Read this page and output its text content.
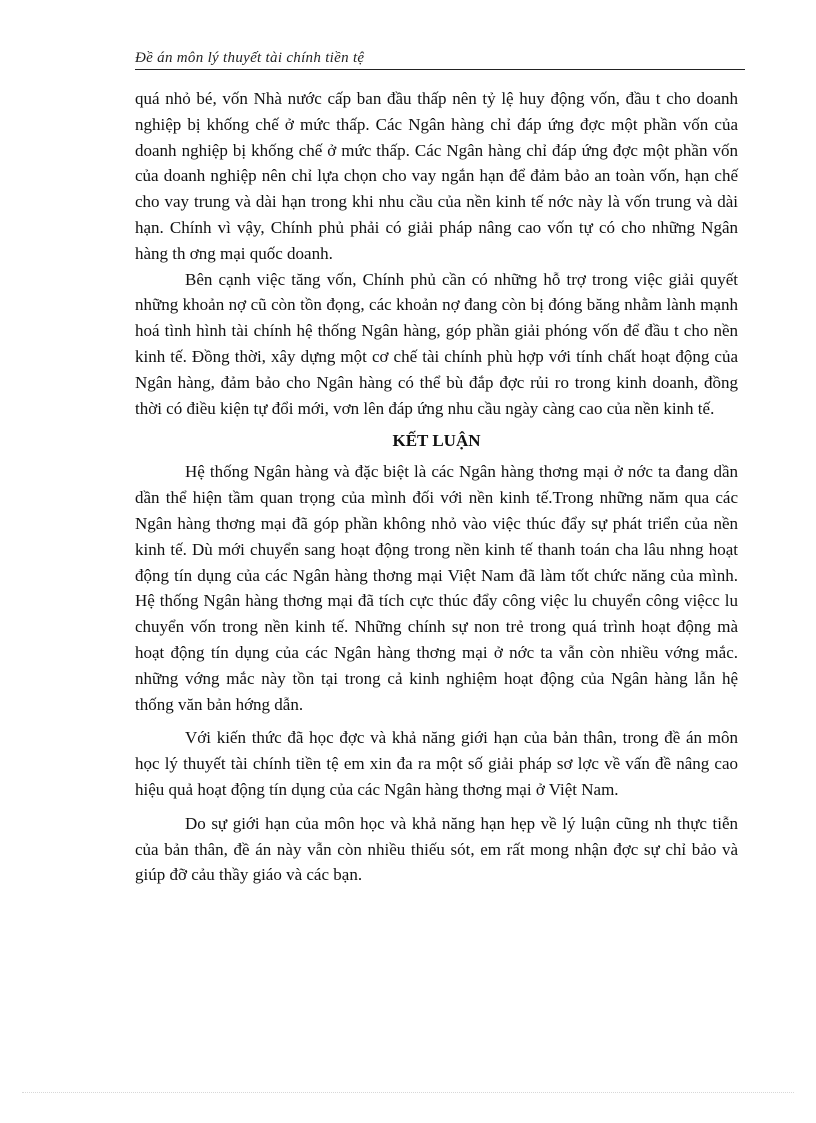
Đề án môn lý thuyết tài chính tiền tệ

quá nhỏ bé, vốn Nhà nước cấp ban đầu thấp nên tỷ lệ huy động vốn, đầu t cho doanh nghiệp bị khống chế ở mức thấp. Các Ngân hàng chỉ đáp ứng đợc một phần vốn của doanh nghiệp bị khống chế ở mức thấp. Các Ngân hàng chỉ đáp ứng đợc một phần vốn của doanh nghiệp nên chỉ lựa chọn cho vay ngắn hạn để đảm bảo an toàn vốn, hạn chế cho vay trung và dài hạn trong khi nhu cầu của nền kinh tế nớc này là vốn trung và dài hạn. Chính vì vậy, Chính phủ phải có giải pháp nâng cao vốn tự có cho những Ngân hàng th ơng mại quốc doanh.

Bên cạnh việc tăng vốn, Chính phủ cần có những hỗ trợ trong việc giải quyết những khoản nợ cũ còn tồn đọng, các khoản nợ đang còn bị đóng băng nhằm lành mạnh hoá tình hình tài chính hệ thống Ngân hàng, góp phần giải phóng vốn để đầu t cho nền kinh tế. Đồng thời, xây dựng một cơ chế tài chính phù hợp với tính chất hoạt động của Ngân hàng, đảm bảo cho Ngân hàng có thể bù đắp đợc rủi ro trong kinh doanh, đồng thời có điều kiện tự đổi mới, vơn lên đáp ứng nhu cầu ngày càng cao của nền kinh tế.

KẾT LUẬN

Hệ thống Ngân hàng và đặc biệt là các Ngân hàng thơng mại ở nớc ta đang dần dần thể hiện tầm quan trọng của mình đối với nền kinh tế.Trong những năm qua các Ngân hàng thơng mại đã góp phần không nhỏ vào việc thúc đẩy sự phát triển của nền kinh tế. Dù mới chuyển sang hoạt động trong nền kinh tế thanh toán cha lâu nhng hoạt động tín dụng của các Ngân hàng thơng mại Việt Nam đã làm tốt chức năng của mình. Hệ thống Ngân hàng thơng mại đã tích cực thúc đẩy công việc lu chuyển công việcc lu chuyển vốn trong nền kinh tế. Những chính sự non trẻ trong quá trình hoạt động mà hoạt động tín dụng của các Ngân hàng thơng mại ở nớc ta vẫn còn nhiều vớng mắc. những vớng mắc này tồn tại trong cả kinh nghiệm hoạt động của Ngân hàng lẫn hệ thống văn bản hớng dẫn.

Với kiến thức đã học đợc và khả năng giới hạn của bản thân, trong đề án môn học lý thuyết tài chính tiền tệ em xin đa ra một số giải pháp sơ lợc về vấn đề nâng cao hiệu quả hoạt động tín dụng của các Ngân hàng thơng mại ở Việt Nam.

Do sự giới hạn của môn học và khả năng hạn hẹp về lý luận cũng nh thực tiễn của bản thân, đề án này vẫn còn nhiều thiếu sót, em rất mong nhận đợc sự chỉ bảo và giúp đỡ cảu thầy giáo và các bạn.
